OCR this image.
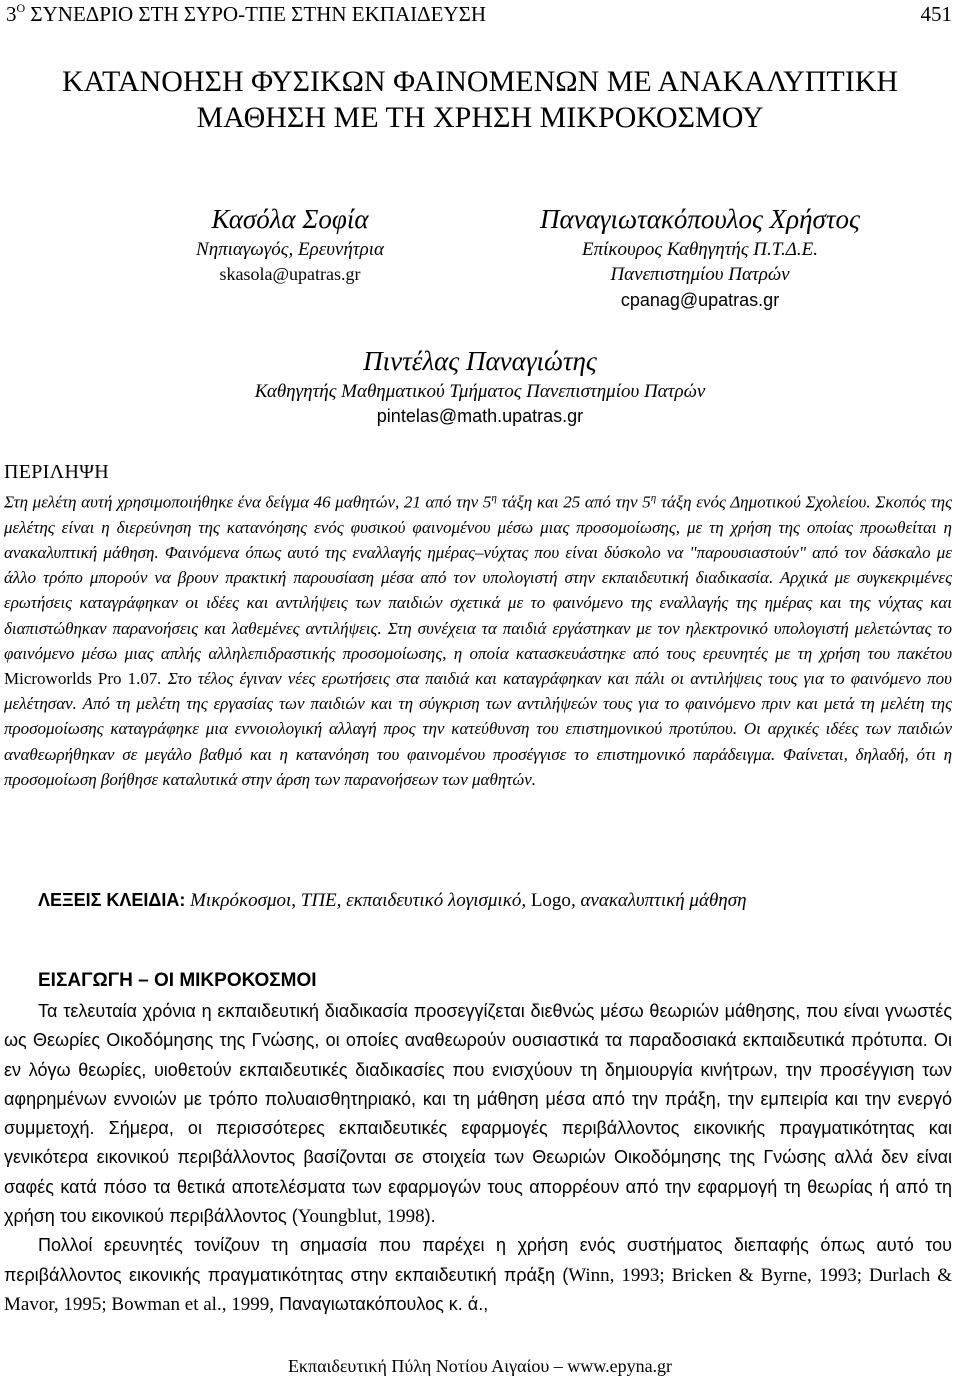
$3^O$ ΣΥΝΕΔΡΙΟ ΣΤΗ ΣΥΡΟ-ΤΠΕ ΣΤΗΝ ΕΚΠΑΙΔΕΥΣΗ	451
ΚΑΤΑΝΟΗΣΗ ΦΥΣΙΚΩΝ ΦΑΙΝΟΜΕΝΩΝ ΜΕ ΑΝΑΚΑΛΥΠΤΙΚΗ
ΜΑΘΗΣΗ ΜΕ ΤΗ ΧΡΗΣΗ ΜΙΚΡΟΚΟΣΜΟΥ
Κασόλα Σοφία
Νηπιαγωγός, Ερευνήτρια
skasola@upatras.gr
Παναγιωτακόπουλος Χρήστος
Επίκουρος Καθηγητής Π.Τ.Δ.Ε.
Πανεπιστημίου Πατρών
cpanag@upatras.gr
Πιντέλας Παναγιώτης
Καθηγητής Μαθηματικού Τμήματος Πανεπιστημίου Πατρών
pintelas@math.upatras.gr
ΠΕΡΙΛΗΨΗ
Στη μελέτη αυτή χρησιμοποιήθηκε ένα δείγμα 46 μαθητών, 21 από την $5^\eta$ τάξη και 25 από την $5^\eta$ τάξη ενός Δημοτικού Σχολείου. Σκοπός της μελέτης είναι η διερεύνηση της κατανόησης ενός φυσικού φαινομένου μέσω μιας προσομοίωσης, με τη χρήση της οποίας προωθείται η ανακαλυπτική μάθηση. Φαινόμενα όπως αυτό της εναλλαγής ημέρας–νύχτας που είναι δύσκολο να "παρουσιαστούν" από τον δάσκαλο με άλλο τρόπο μπορούν να βρουν πρακτική παρουσίαση μέσα από τον υπολογιστή στην εκπαιδευτική διαδικασία. Αρχικά με συγκεκριμένες ερωτήσεις καταγράφηκαν οι ιδέες και αντιλήψεις των παιδιών σχετικά με το φαινόμενο της εναλλαγής της ημέρας και της νύχτας και διαπιστώθηκαν παρανοήσεις και λαθεμένες αντιλήψεις. Στη συνέχεια τα παιδιά εργάστηκαν με τον ηλεκτρονικό υπολογιστή μελετώντας το φαινόμενο μέσω μιας απλής αλληλεπιδραστικής προσομοίωσης, η οποία κατασκευάστηκε από τους ερευνητές με τη χρήση του πακέτου Microworlds Pro 1.07. Στο τέλος έγιναν νέες ερωτήσεις στα παιδιά και καταγράφηκαν και πάλι οι αντιλήψεις τους για το φαινόμενο που μελέτησαν. Από τη μελέτη της εργασίας των παιδιών και τη σύγκριση των αντιλήψεών τους για το φαινόμενο πριν και μετά τη μελέτη της προσομοίωσης καταγράφηκε μια εννοιολογική αλλαγή προς την κατεύθυνση του επιστημονικού προτύπου. Οι αρχικές ιδέες των παιδιών αναθεωρήθηκαν σε μεγάλο βαθμό και η κατανόηση του φαινομένου προσέγγισε το επιστημονικό παράδειγμα. Φαίνεται, δηλαδή, ότι η προσομοίωση βοήθησε καταλυτικά στην άρση των παρανοήσεων των μαθητών.
ΛΕΞΕΙΣ ΚΛΕΙΔΙΑ: Μικρόκοσμοι, ΤΠΕ, εκπαιδευτικό λογισμικό, Logo, ανακαλυπτική μάθηση
ΕΙΣΑΓΩΓΗ – ΟΙ ΜΙΚΡΟΚΟΣΜΟΙ

Τα τελευταία χρόνια η εκπαιδευτική διαδικασία προσεγγίζεται διεθνώς μέσω θεωριών μάθησης, που είναι γνωστές ως Θεωρίες Οικοδόμησης της Γνώσης, οι οποίες αναθεωρούν ουσιαστικά τα παραδοσιακά εκπαιδευτικά πρότυπα. Οι εν λόγω θεωρίες, υιοθετούν εκπαιδευτικές διαδικασίες που ενισχύουν τη δημιουργία κινήτρων, την προσέγγιση των αφηρημένων εννοιών με τρόπο πολυαισθητηριακό, και τη μάθηση μέσα από την πράξη, την εμπειρία και την ενεργό συμμετοχή. Σήμερα, οι περισσότερες εκπαιδευτικές εφαρμογές περιβάλλοντος εικονικής πραγματικότητας και γενικότερα εικονικού περιβάλλοντος βασίζονται σε στοιχεία των Θεωριών Οικοδόμησης της Γνώσης αλλά δεν είναι σαφές κατά πόσο τα θετικά αποτελέσματα των εφαρμογών τους απορρέουν από την εφαρμογή τη θεωρίας ή από τη χρήση του εικονικού περιβάλλοντος (Youngblut, 1998).

Πολλοί ερευνητές τονίζουν τη σημασία που παρέχει η χρήση ενός συστήματος διεπαφής όπως αυτό του περιβάλλοντος εικονικής πραγματικότητας στην εκπαιδευτική πράξη (Winn, 1993; Bricken & Byrne, 1993; Durlach & Mavor, 1995; Bowman et al., 1999, Παναγιωτακόπουλος κ. ά.,

Εκπαιδευτική Πύλη Νοτίου Αιγαίου – www.epyna.gr
